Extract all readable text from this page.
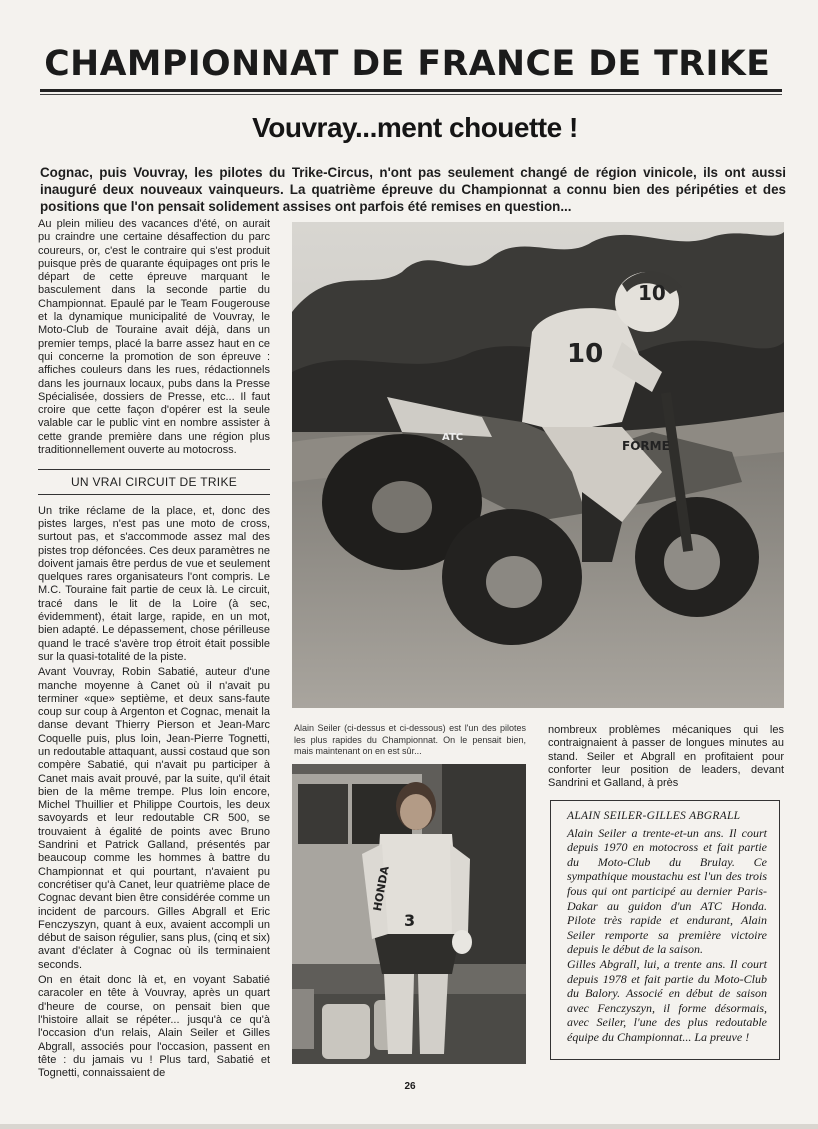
CHAMPIONNAT DE FRANCE DE TRIKE
Vouvray...ment chouette !
Cognac, puis Vouvray, les pilotes du Trike-Circus, n'ont pas seulement changé de région vinicole, ils ont aussi inauguré deux nouveaux vainqueurs. La quatrième épreuve du Championnat a connu bien des péripéties et des positions que l'on pensait solidement assises ont parfois été remises en question...

Au plein milieu des vacances d'été, on aurait pu craindre une certaine désaffection du parc coureurs, or, c'est le contraire qui s'est produit puisque près de quarante équipages ont pris le départ de cette épreuve marquant le basculement dans la seconde partie du Championnat. Epaulé par le Team Fougerouse et la dynamique municipalité de Vouvray, le Moto-Club de Touraine avait déjà, dans un premier temps, placé la barre assez haut en ce qui concerne la promotion de son épreuve : affiches couleurs dans les rues, rédactionnels dans les journaux locaux, pubs dans la Presse Spécialisée, dossiers de Presse, etc... Il faut croire que cette façon d'opérer est la seule valable car le public vint en nombre assister à cette grande première dans une région plus traditionnellement ouverte au motocross.

UN VRAI CIRCUIT DE TRIKE

Un trike réclame de la place, et, donc des pistes larges, n'est pas une moto de cross, surtout pas, et s'accommode assez mal des pistes trop défoncées. Ces deux paramètres ne doivent jamais être perdus de vue et seulement quelques rares organisateurs l'ont compris. Le M.C. Touraine fait partie de ceux là. Le circuit, tracé dans le lit de la Loire (à sec, évidemment), était large, rapide, en un mot, bien adapté. Le dépassement, chose périlleuse quand le tracé s'avère trop étroit était possible sur la quasi-totalité de la piste.

Avant Vouvray, Robin Sabatié, auteur d'une manche moyenne à Canet où il n'avait pu terminer «que» septième, et deux sans-faute coup sur coup à Argenton et Cognac, menait la danse devant Thierry Pierson et Jean-Marc Coquelle puis, plus loin, Jean-Pierre Tognetti, un redoutable attaquant, aussi costaud que son compère Sabatié, qui n'avait pu participer à Canet mais avait prouvé, par la suite, qu'il était bien de la même trempe. Plus loin encore, Michel Thuillier et Philippe Courtois, les deux savoyards et leur redoutable CR 500, se trouvaient à égalité de points avec Bruno Sandrini et Patrick Galland, présentés par beaucoup comme les hommes à battre du Championnat et qui pourtant, n'avaient pu concrétiser qu'à Canet, leur quatrième place de Cognac devant bien être considérée comme un incident de parcours. Gilles Abgrall et Eric Fenczyszyn, quant à eux, avaient accompli un début de saison régulier, sans plus, (cinq et six) avant d'éclater à Cognac où ils terminaient seconds.

On en était donc là et, en voyant Sabatié caracoler en tête à Vouvray, après un quart d'heure de course, on pensait bien que l'histoire allait se répéter... jusqu'à ce qu'à l'occasion d'un relais, Alain Seiler et Gilles Abgrall, associés pour l'occasion, passent en tête : du jamais vu ! Plus tard, Sabatié et Tognetti, connaissaient de

10
10
ATC
FORME
Alain Seiler (ci-dessus et ci-dessous) est l'un des pilotes les plus rapides du Championnat. On le pensait bien, mais maintenant on en est sûr...
HONDA
3
nombreux problèmes mécaniques qui les contraignaient à passer de longues minutes au stand. Seiler et Abgrall en profitaient pour conforter leur position de leaders, devant Sandrini et Galland, à près
ALAIN SEILER-GILLES ABGRALL

Alain Seiler a trente-et-un ans. Il court depuis 1970 en motocross et fait partie du Moto-Club du Brulay. Ce sympathique moustachu est l'un des trois fous qui ont participé au dernier Paris-Dakar au guidon d'un ATC Honda. Pilote très rapide et endurant, Alain Seiler remporte sa première victoire depuis le début de la saison.

Gilles Abgrall, lui, a trente ans. Il court depuis 1978 et fait partie du Moto-Club du Balory. Associé en début de saison avec Fenczyszyn, il forme désormais, avec Seiler, l'une des plus redoutable équipe du Championnat... La preuve !

26
